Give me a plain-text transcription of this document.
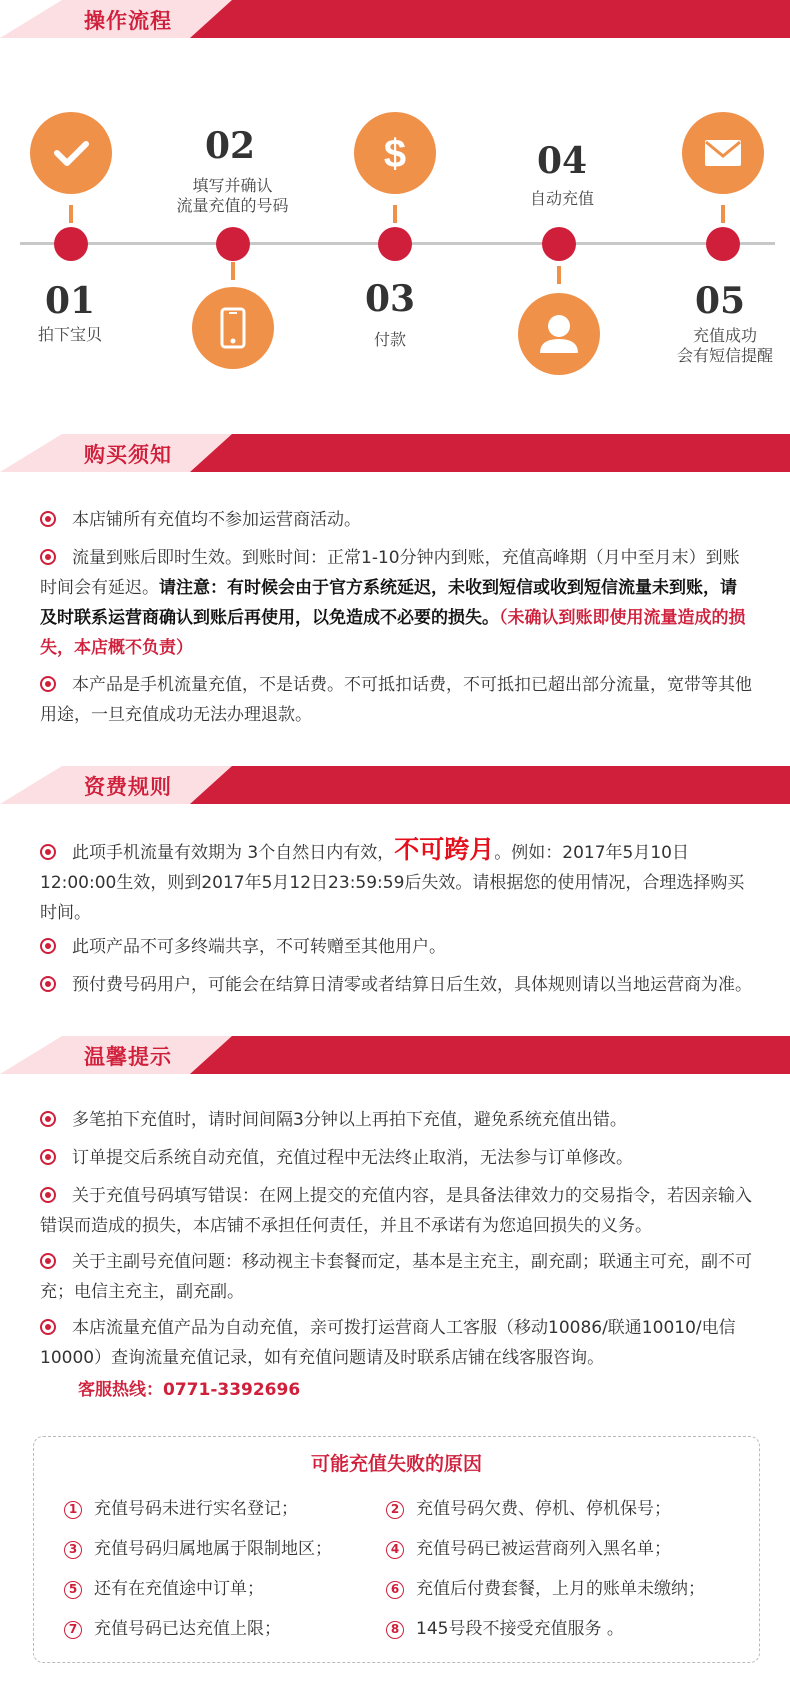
操作流程
01
拍下宝贝
02
填写并确认
流量充值的号码
$
03
付款
04
自动充值
05
充值成功
会有短信提醒
购买须知
本店铺所有充值均不参加运营商活动。
流量到账后即时生效。到账时间：正常1-10分钟内到账，充值高峰期（月中至月末）到账时间会有延迟。请注意：有时候会由于官方系统延迟，未收到短信或收到短信流量未到账，请及时联系运营商确认到账后再使用，以免造成不必要的损失。（未确认到账即使用流量造成的损失，本店概不负责）
本产品是手机流量充值，不是话费。不可抵扣话费，不可抵扣已超出部分流量，宽带等其他用途，一旦充值成功无法办理退款。
资费规则
此项手机流量有效期为 3个自然日内有效，不可跨月。例如：2017年5月10日12:00:00生效，则到2017年5月12日23:59:59后失效。请根据您的使用情况，合理选择购买时间。
此项产品不可多终端共享，不可转赠至其他用户。
预付费号码用户，可能会在结算日清零或者结算日后生效，具体规则请以当地运营商为准。
温馨提示
多笔拍下充值时，请时间间隔3分钟以上再拍下充值，避免系统充值出错。
订单提交后系统自动充值，充值过程中无法终止取消，无法参与订单修改。
关于充值号码填写错误：在网上提交的充值内容，是具备法律效力的交易指令，若因亲输入错误而造成的损失，本店铺不承担任何责任，并且不承诺有为您追回损失的义务。
关于主副号充值问题：移动视主卡套餐而定，基本是主充主，副充副；联通主可充，副不可充；电信主充主，副充副。
本店流量充值产品为自动充值，亲可拨打运营商人工客服（移动10086/联通10010/电信10000）查询流量充值记录，如有充值问题请及时联系店铺在线客服咨询。
客服热线：0771-3392696
可能充值失败的原因
1 充值号码未进行实名登记；	2 充值号码欠费、停机、停机保号；
3 充值号码归属地属于限制地区；	4 充值号码已被运营商列入黑名单；
5 还有在充值途中订单；	6 充值后付费套餐，上月的账单未缴纳；
7 充值号码已达充值上限；	8 145号段不接受充值服务 。
